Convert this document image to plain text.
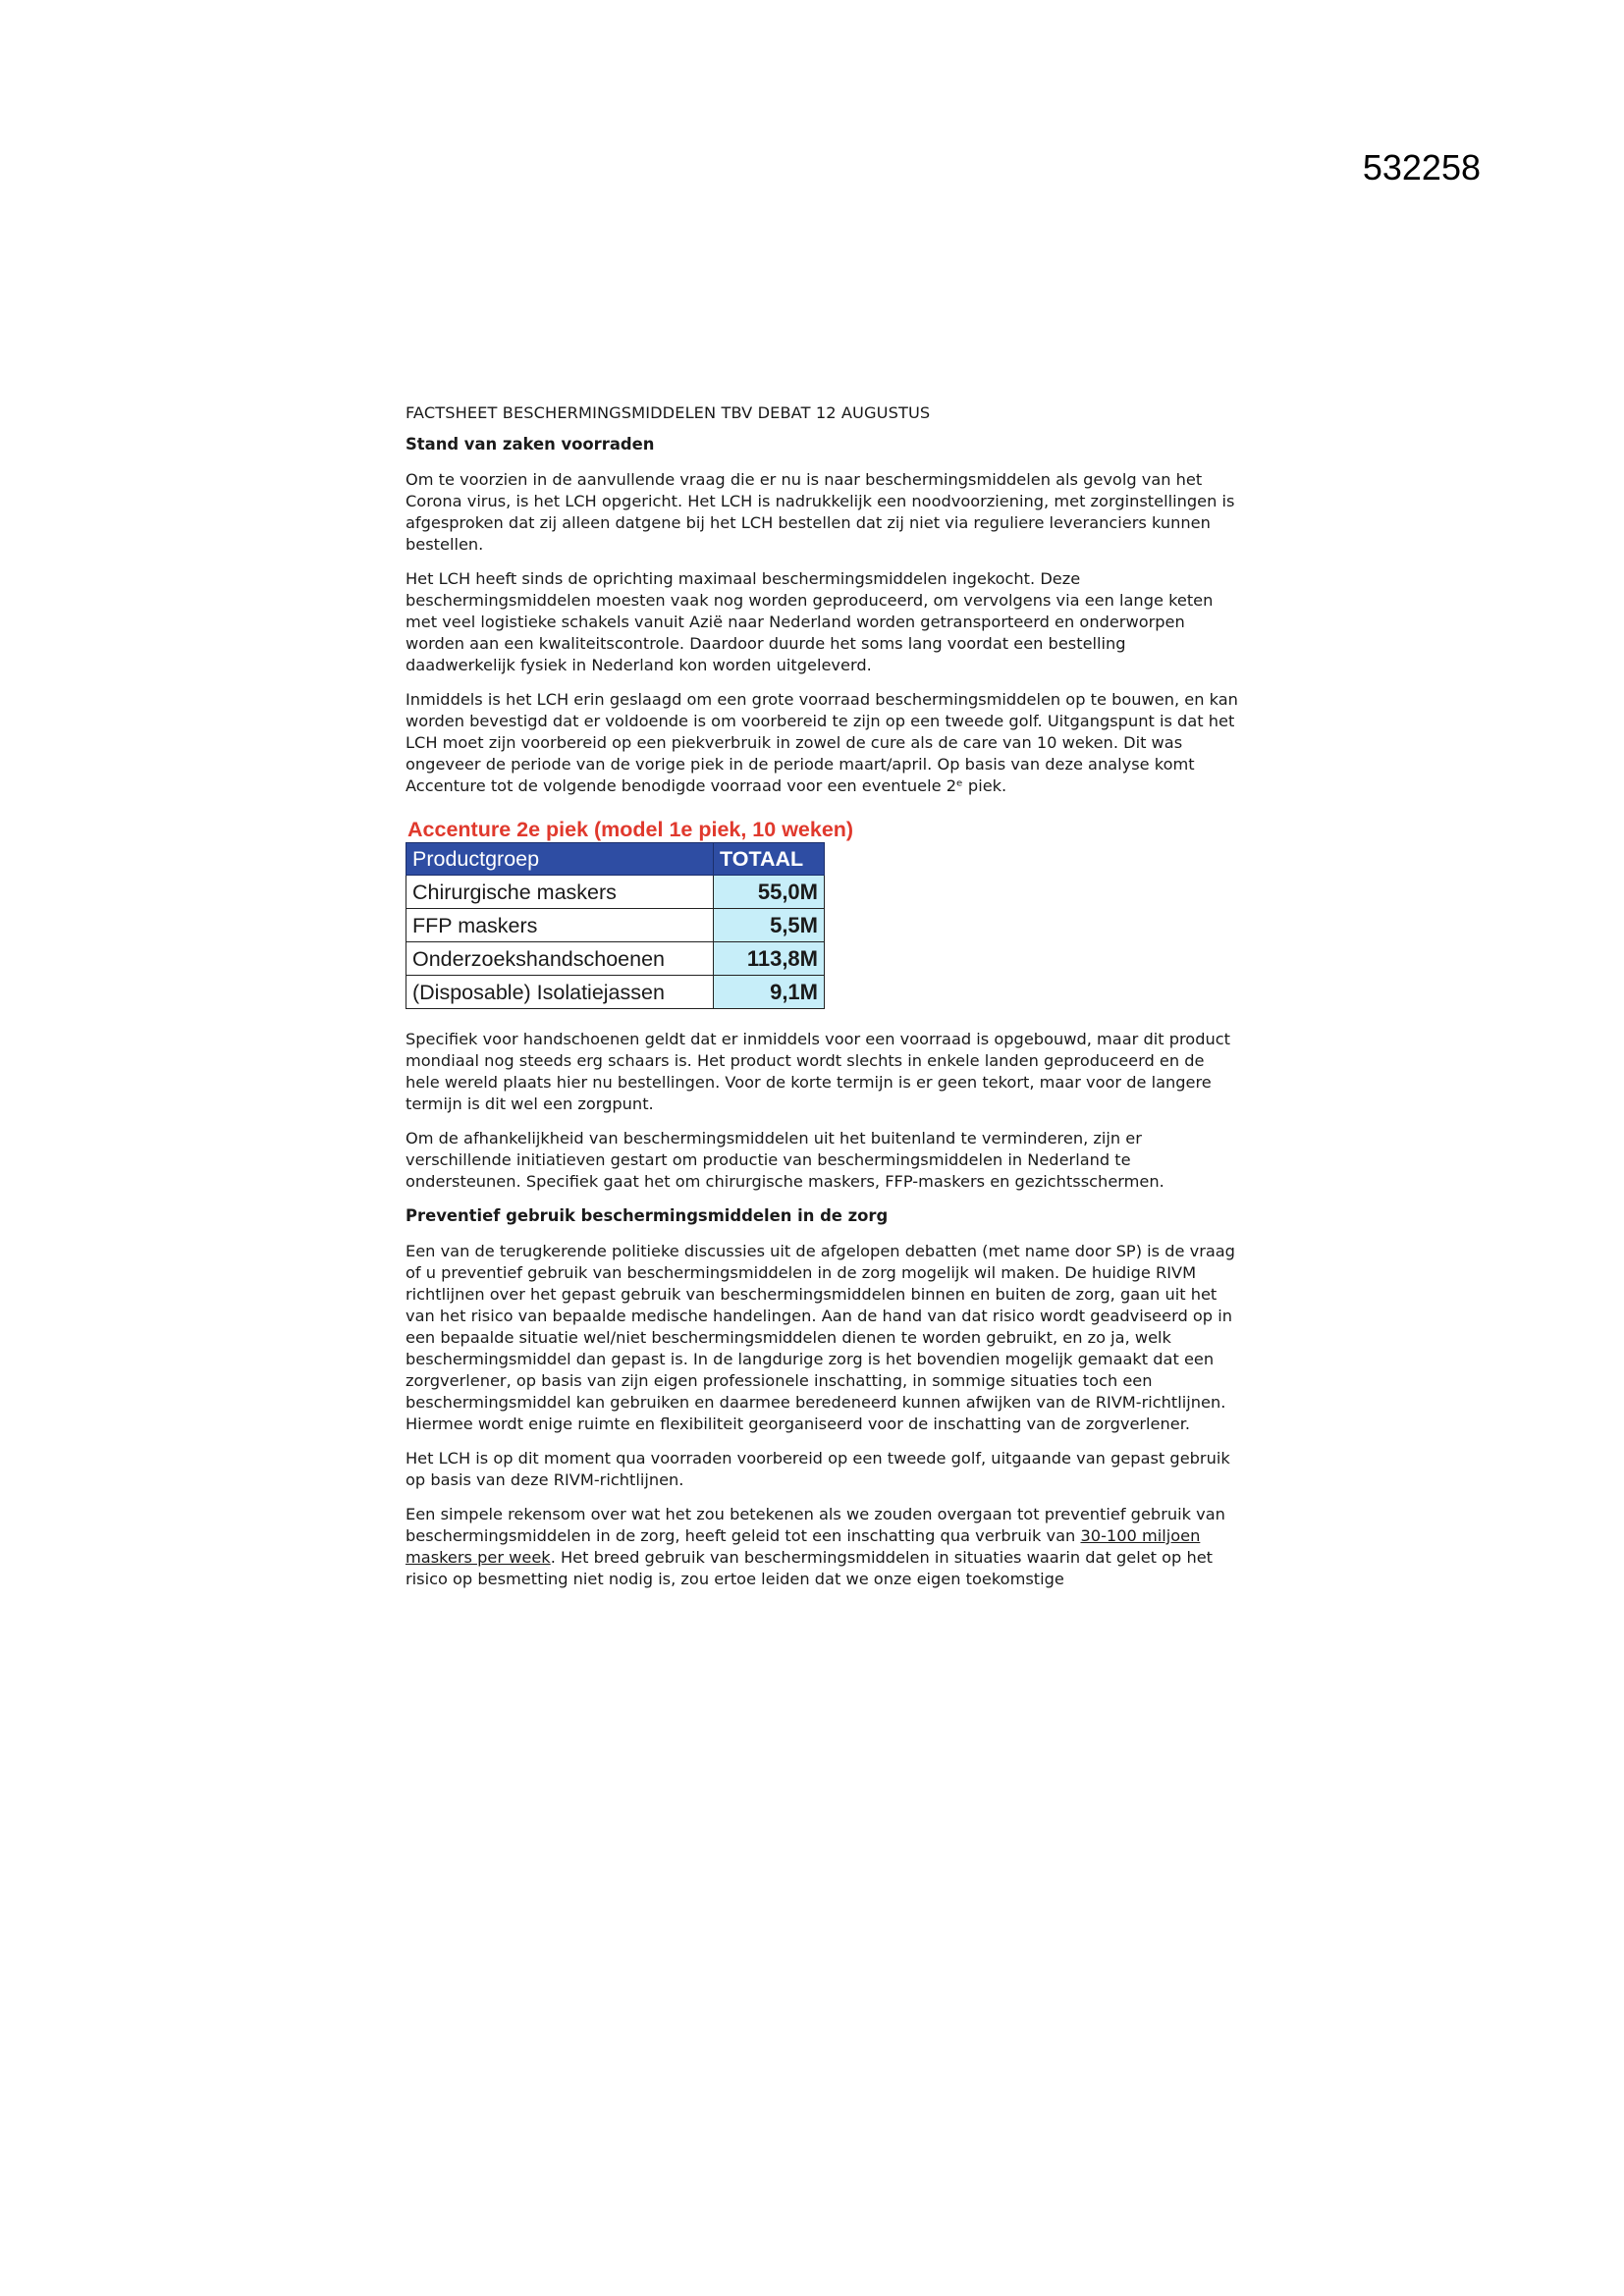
532258
FACTSHEET BESCHERMINGSMIDDELEN TBV DEBAT 12 AUGUSTUS
Stand van zaken voorraden

Om te voorzien in de aanvullende vraag die er nu is naar beschermingsmiddelen als gevolg van het Corona virus, is het LCH opgericht. Het LCH is nadrukkelijk een noodvoorziening, met zorginstellingen is afgesproken dat zij alleen datgene bij het LCH bestellen dat zij niet via reguliere leveranciers kunnen bestellen.

Het LCH heeft sinds de oprichting maximaal beschermingsmiddelen ingekocht. Deze beschermingsmiddelen moesten vaak nog worden geproduceerd, om vervolgens via een lange keten met veel logistieke schakels vanuit Azië naar Nederland worden getransporteerd en onderworpen worden aan een kwaliteitscontrole. Daardoor duurde het soms lang voordat een bestelling daadwerkelijk fysiek in Nederland kon worden uitgeleverd.

Inmiddels is het LCH erin geslaagd om een grote voorraad beschermingsmiddelen op te bouwen, en kan worden bevestigd dat er voldoende is om voorbereid te zijn op een tweede golf. Uitgangspunt is dat het LCH moet zijn voorbereid op een piekverbruik in zowel de cure als de care van 10 weken. Dit was ongeveer de periode van de vorige piek in de periode maart/april. Op basis van deze analyse komt Accenture tot de volgende benodigde voorraad voor een eventuele 2ᵉ piek.

Accenture 2e piek (model 1e piek, 10 weken)
Productgroep	TOTAAL
Chirurgische maskers	55,0M
FFP maskers	5,5M
Onderzoekshandschoenen	113,8M
(Disposable) Isolatiejassen	9,1M

Specifiek voor handschoenen geldt dat er inmiddels voor een voorraad is opgebouwd, maar dit product mondiaal nog steeds erg schaars is. Het product wordt slechts in enkele landen geproduceerd en de hele wereld plaats hier nu bestellingen. Voor de korte termijn is er geen tekort, maar voor de langere termijn is dit wel een zorgpunt.

Om de afhankelijkheid van beschermingsmiddelen uit het buitenland te verminderen, zijn er verschillende initiatieven gestart om productie van beschermingsmiddelen in Nederland te ondersteunen. Specifiek gaat het om chirurgische maskers, FFP-maskers en gezichtsschermen.

Preventief gebruik beschermingsmiddelen in de zorg

Een van de terugkerende politieke discussies uit de afgelopen debatten (met name door SP) is de vraag of u preventief gebruik van beschermingsmiddelen in de zorg mogelijk wil maken. De huidige RIVM richtlijnen over het gepast gebruik van beschermingsmiddelen binnen en buiten de zorg, gaan uit het van het risico van bepaalde medische handelingen. Aan de hand van dat risico wordt geadviseerd op in een bepaalde situatie wel/niet beschermingsmiddelen dienen te worden gebruikt, en zo ja, welk beschermingsmiddel dan gepast is. In de langdurige zorg is het bovendien mogelijk gemaakt dat een zorgverlener, op basis van zijn eigen professionele inschatting, in sommige situaties toch een beschermingsmiddel kan gebruiken en daarmee beredeneerd kunnen afwijken van de RIVM-richtlijnen. Hiermee wordt enige ruimte en flexibiliteit georganiseerd voor de inschatting van de zorgverlener.

Het LCH is op dit moment qua voorraden voorbereid op een tweede golf, uitgaande van gepast gebruik op basis van deze RIVM-richtlijnen.

Een simpele rekensom over wat het zou betekenen als we zouden overgaan tot preventief gebruik van beschermingsmiddelen in de zorg, heeft geleid tot een inschatting qua verbruik van 30-100 miljoen maskers per week. Het breed gebruik van beschermingsmiddelen in situaties waarin dat gelet op het risico op besmetting niet nodig is, zou ertoe leiden dat we onze eigen toekomstige
